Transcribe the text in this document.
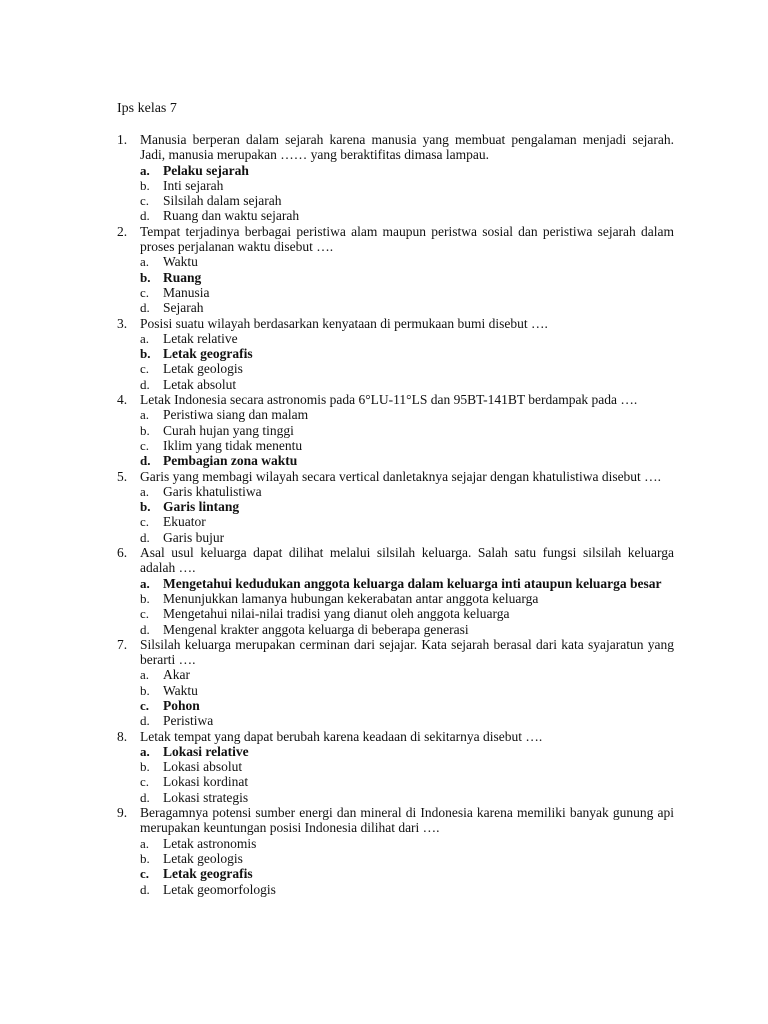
Ips kelas 7
1. Manusia berperan dalam sejarah karena manusia yang membuat pengalaman menjadi sejarah. Jadi, manusia merupakan …… yang beraktifitas dimasa lampau.
a. Pelaku sejarah
b. Inti sejarah
c. Silsilah dalam sejarah
d. Ruang dan waktu sejarah
2. Tempat terjadinya berbagai peristiwa alam maupun peristwa sosial dan peristiwa sejarah dalam proses perjalanan waktu disebut ….
a. Waktu
b. Ruang
c. Manusia
d. Sejarah
3. Posisi suatu wilayah berdasarkan kenyataan di permukaan bumi disebut ….
a. Letak relative
b. Letak geografis
c. Letak geologis
d. Letak absolut
4. Letak Indonesia secara astronomis pada 6°LU-11°LS dan 95BT-141BT berdampak pada ….
a. Peristiwa siang dan malam
b. Curah hujan yang tinggi
c. Iklim yang tidak menentu
d. Pembagian zona waktu
5. Garis yang membagi wilayah secara vertical danletaknya sejajar dengan khatulistiwa disebut ….
a. Garis khatulistiwa
b. Garis lintang
c. Ekuator
d. Garis bujur
6. Asal usul keluarga dapat dilihat melalui silsilah keluarga. Salah satu fungsi silsilah keluarga adalah ….
a. Mengetahui kedudukan anggota keluarga dalam keluarga inti ataupun keluarga besar
b. Menunjukkan lamanya hubungan kekerabatan antar anggota keluarga
c. Mengetahui nilai-nilai tradisi yang dianut oleh anggota keluarga
d. Mengenal krakter anggota keluarga di beberapa generasi
7. Silsilah keluarga merupakan cerminan dari sejajar. Kata sejarah berasal dari kata syajaratun yang berarti ….
a. Akar
b. Waktu
c. Pohon
d. Peristiwa
8. Letak tempat yang dapat berubah karena keadaan di sekitarnya disebut ….
a. Lokasi relative
b. Lokasi absolut
c. Lokasi kordinat
d. Lokasi strategis
9. Beragamnya potensi sumber energi dan mineral di Indonesia karena memiliki banyak gunung api merupakan keuntungan posisi Indonesia dilihat dari ….
a. Letak astronomis
b. Letak geologis
c. Letak geografis
d. Letak geomorfologis
